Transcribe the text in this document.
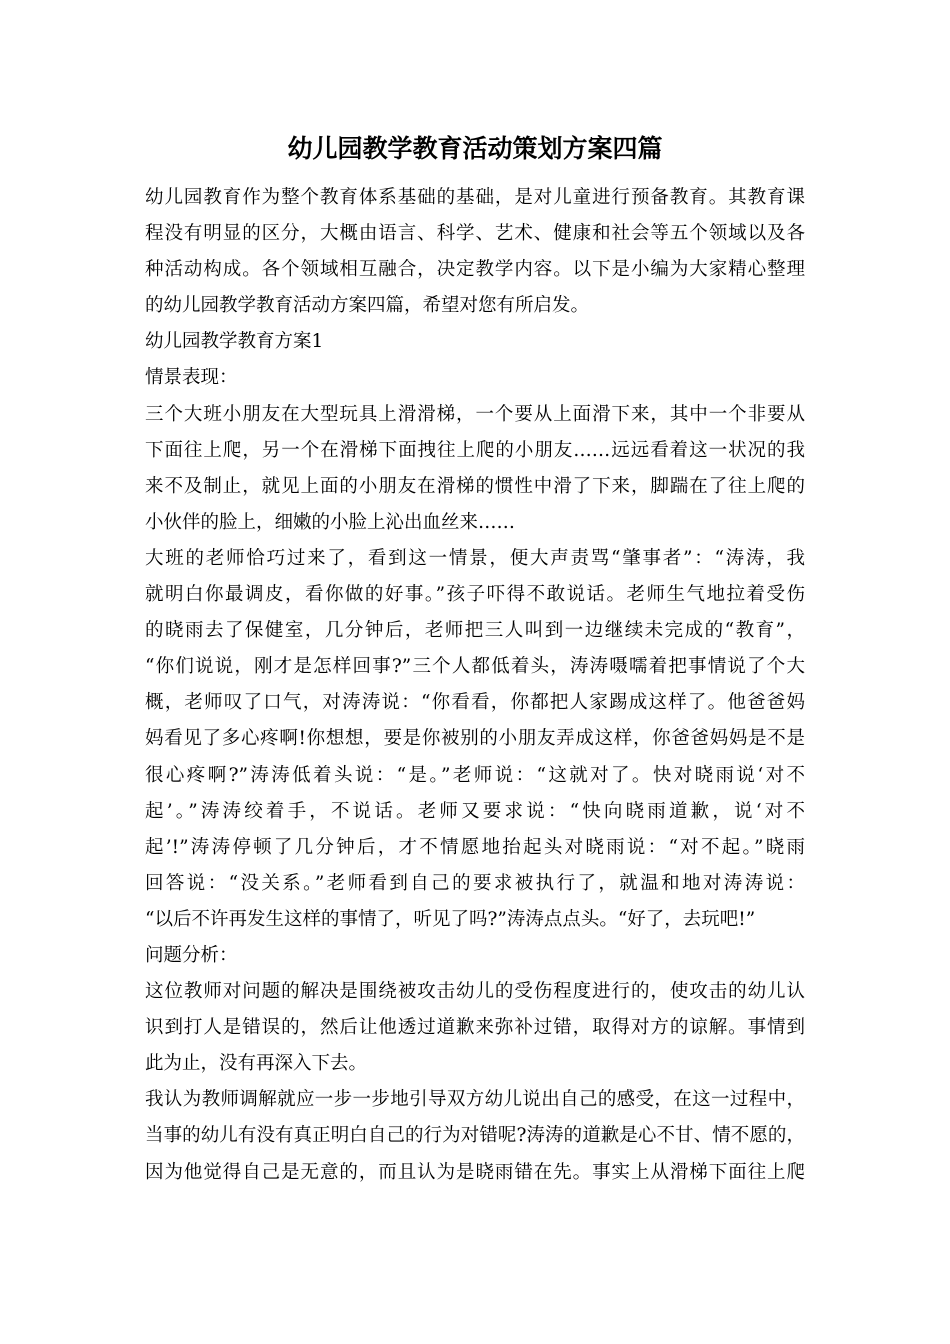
幼儿园教学教育活动策划方案四篇

幼儿园教育作为整个教育体系基础的基础，是对儿童进行预备教育。其教育课

程没有明显的区分，大概由语言、科学、艺术、健康和社会等五个领域以及各

种活动构成。各个领域相互融合，决定教学内容。以下是小编为大家精心整理

的幼儿园教学教育活动方案四篇，希望对您有所启发。

幼儿园教学教育方案1

情景表现：

三个大班小朋友在大型玩具上滑滑梯，一个要从上面滑下来，其中一个非要从

下面往上爬，另一个在滑梯下面拽往上爬的小朋友……远远看着这一状况的我

来不及制止，就见上面的小朋友在滑梯的惯性中滑了下来，脚踹在了往上爬的

小伙伴的脸上，细嫩的小脸上沁出血丝来……

大班的老师恰巧过来了，看到这一情景，便大声责骂“肇事者”：“涛涛，我

就明白你最调皮，看你做的好事。”孩子吓得不敢说话。老师生气地拉着受伤

的晓雨去了保健室，几分钟后，老师把三人叫到一边继续未完成的“教育”，

“你们说说，刚才是怎样回事?”三个人都低着头，涛涛嗫嚅着把事情说了个大

概，老师叹了口气，对涛涛说：“你看看，你都把人家踢成这样了。他爸爸妈

妈看见了多心疼啊!你想想，要是你被别的小朋友弄成这样，你爸爸妈妈是不是

很心疼啊?”涛涛低着头说：“是。”老师说：“这就对了。快对晓雨说‘对不

起’。”涛涛绞着手，不说话。老师又要求说：“快向晓雨道歉，说‘对不

起’!”涛涛停顿了几分钟后，才不情愿地抬起头对晓雨说：“对不起。”晓雨

回答说：“没关系。”老师看到自己的要求被执行了，就温和地对涛涛说：

“以后不许再发生这样的事情了，听见了吗?”涛涛点点头。“好了，去玩吧!”

问题分析：

这位教师对问题的解决是围绕被攻击幼儿的受伤程度进行的，使攻击的幼儿认

识到打人是错误的，然后让他透过道歉来弥补过错，取得对方的谅解。事情到

此为止，没有再深入下去。

我认为教师调解就应一步一步地引导双方幼儿说出自己的感受，在这一过程中，

当事的幼儿有没有真正明白自己的行为对错呢?涛涛的道歉是心不甘、情不愿的，

因为他觉得自己是无意的，而且认为是晓雨错在先。事实上从滑梯下面往上爬
